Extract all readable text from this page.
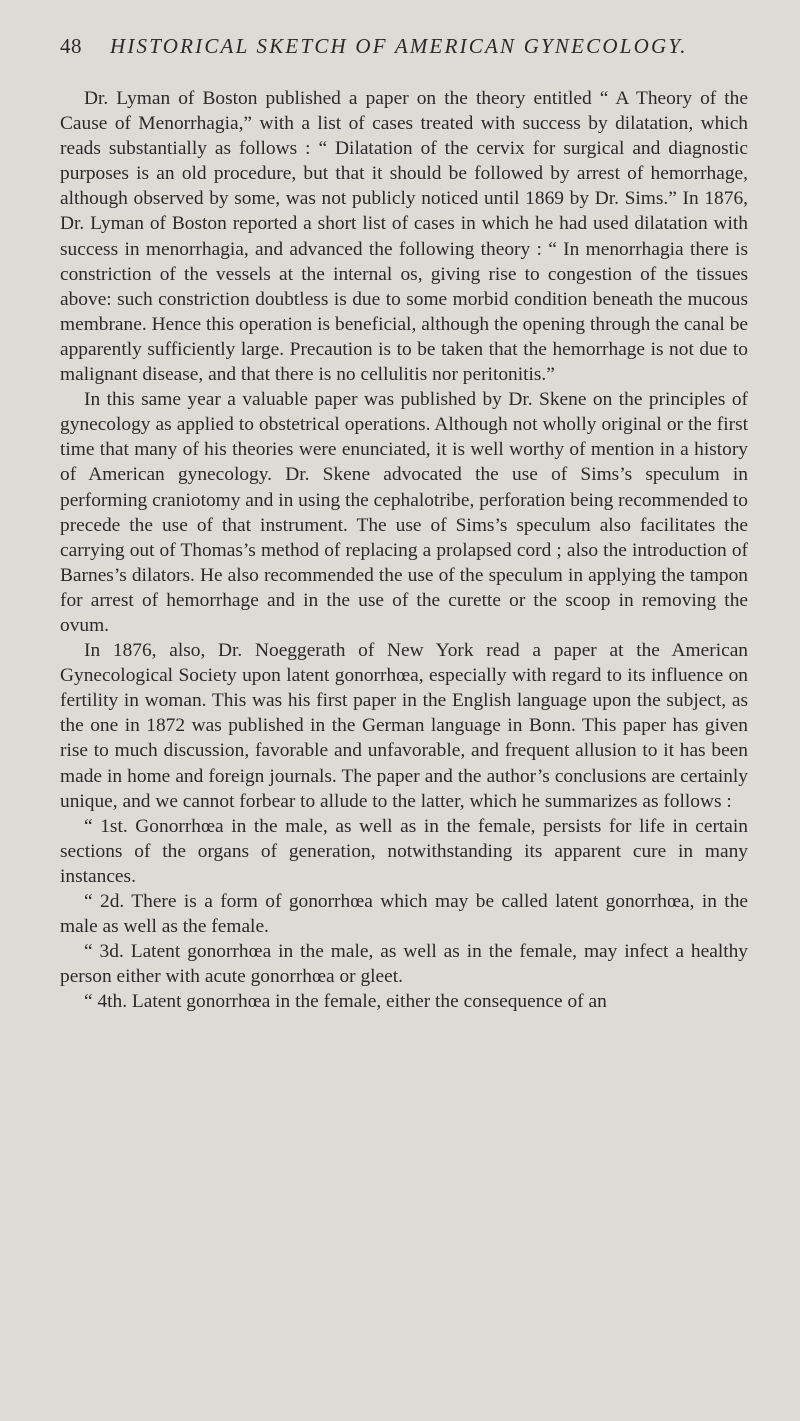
48 HISTORICAL SKETCH OF AMERICAN GYNECOLOGY.

Dr. Lyman of Boston published a paper on the theory entitled “ A Theory of the Cause of Menorrhagia,” with a list of cases treated with success by dilatation, which reads substantially as follows : “ Dilatation of the cervix for surgical and diagnostic purposes is an old procedure, but that it should be followed by arrest of hemorrhage, although observed by some, was not publicly noticed until 1869 by Dr. Sims.” In 1876, Dr. Lyman of Boston reported a short list of cases in which he had used dilatation with success in menorrhagia, and advanced the following theory : “ In menorrhagia there is constriction of the vessels at the internal os, giving rise to congestion of the tissues above: such constriction doubtless is due to some morbid condition beneath the mucous membrane. Hence this operation is beneficial, although the opening through the canal be apparently sufficiently large. Precaution is to be taken that the hemorrhage is not due to malignant disease, and that there is no cellulitis nor peritonitis.”

In this same year a valuable paper was published by Dr. Skene on the principles of gynecology as applied to obstetrical operations. Although not wholly original or the first time that many of his theories were enunciated, it is well worthy of mention in a history of American gynecology. Dr. Skene advocated the use of Sims’s speculum in performing craniotomy and in using the cephalotribe, perforation being recommended to precede the use of that instrument. The use of Sims’s speculum also facilitates the carrying out of Thomas’s method of replacing a prolapsed cord ; also the introduction of Barnes’s dilators. He also recommended the use of the speculum in applying the tampon for arrest of hemorrhage and in the use of the curette or the scoop in removing the ovum.

In 1876, also, Dr. Noeggerath of New York read a paper at the American Gynecological Society upon latent gonorrhœa, especially with regard to its influence on fertility in woman. This was his first paper in the English language upon the subject, as the one in 1872 was published in the German language in Bonn. This paper has given rise to much discussion, favorable and unfavorable, and frequent allusion to it has been made in home and foreign journals. The paper and the author’s conclusions are certainly unique, and we cannot forbear to allude to the latter, which he summarizes as follows :

“ 1st. Gonorrhœa in the male, as well as in the female, persists for life in certain sections of the organs of generation, notwithstanding its apparent cure in many instances.

“ 2d. There is a form of gonorrhœa which may be called latent gonorrhœa, in the male as well as the female.

“ 3d. Latent gonorrhœa in the male, as well as in the female, may infect a healthy person either with acute gonorrhœa or gleet.

“ 4th. Latent gonorrhœa in the female, either the consequence of an
